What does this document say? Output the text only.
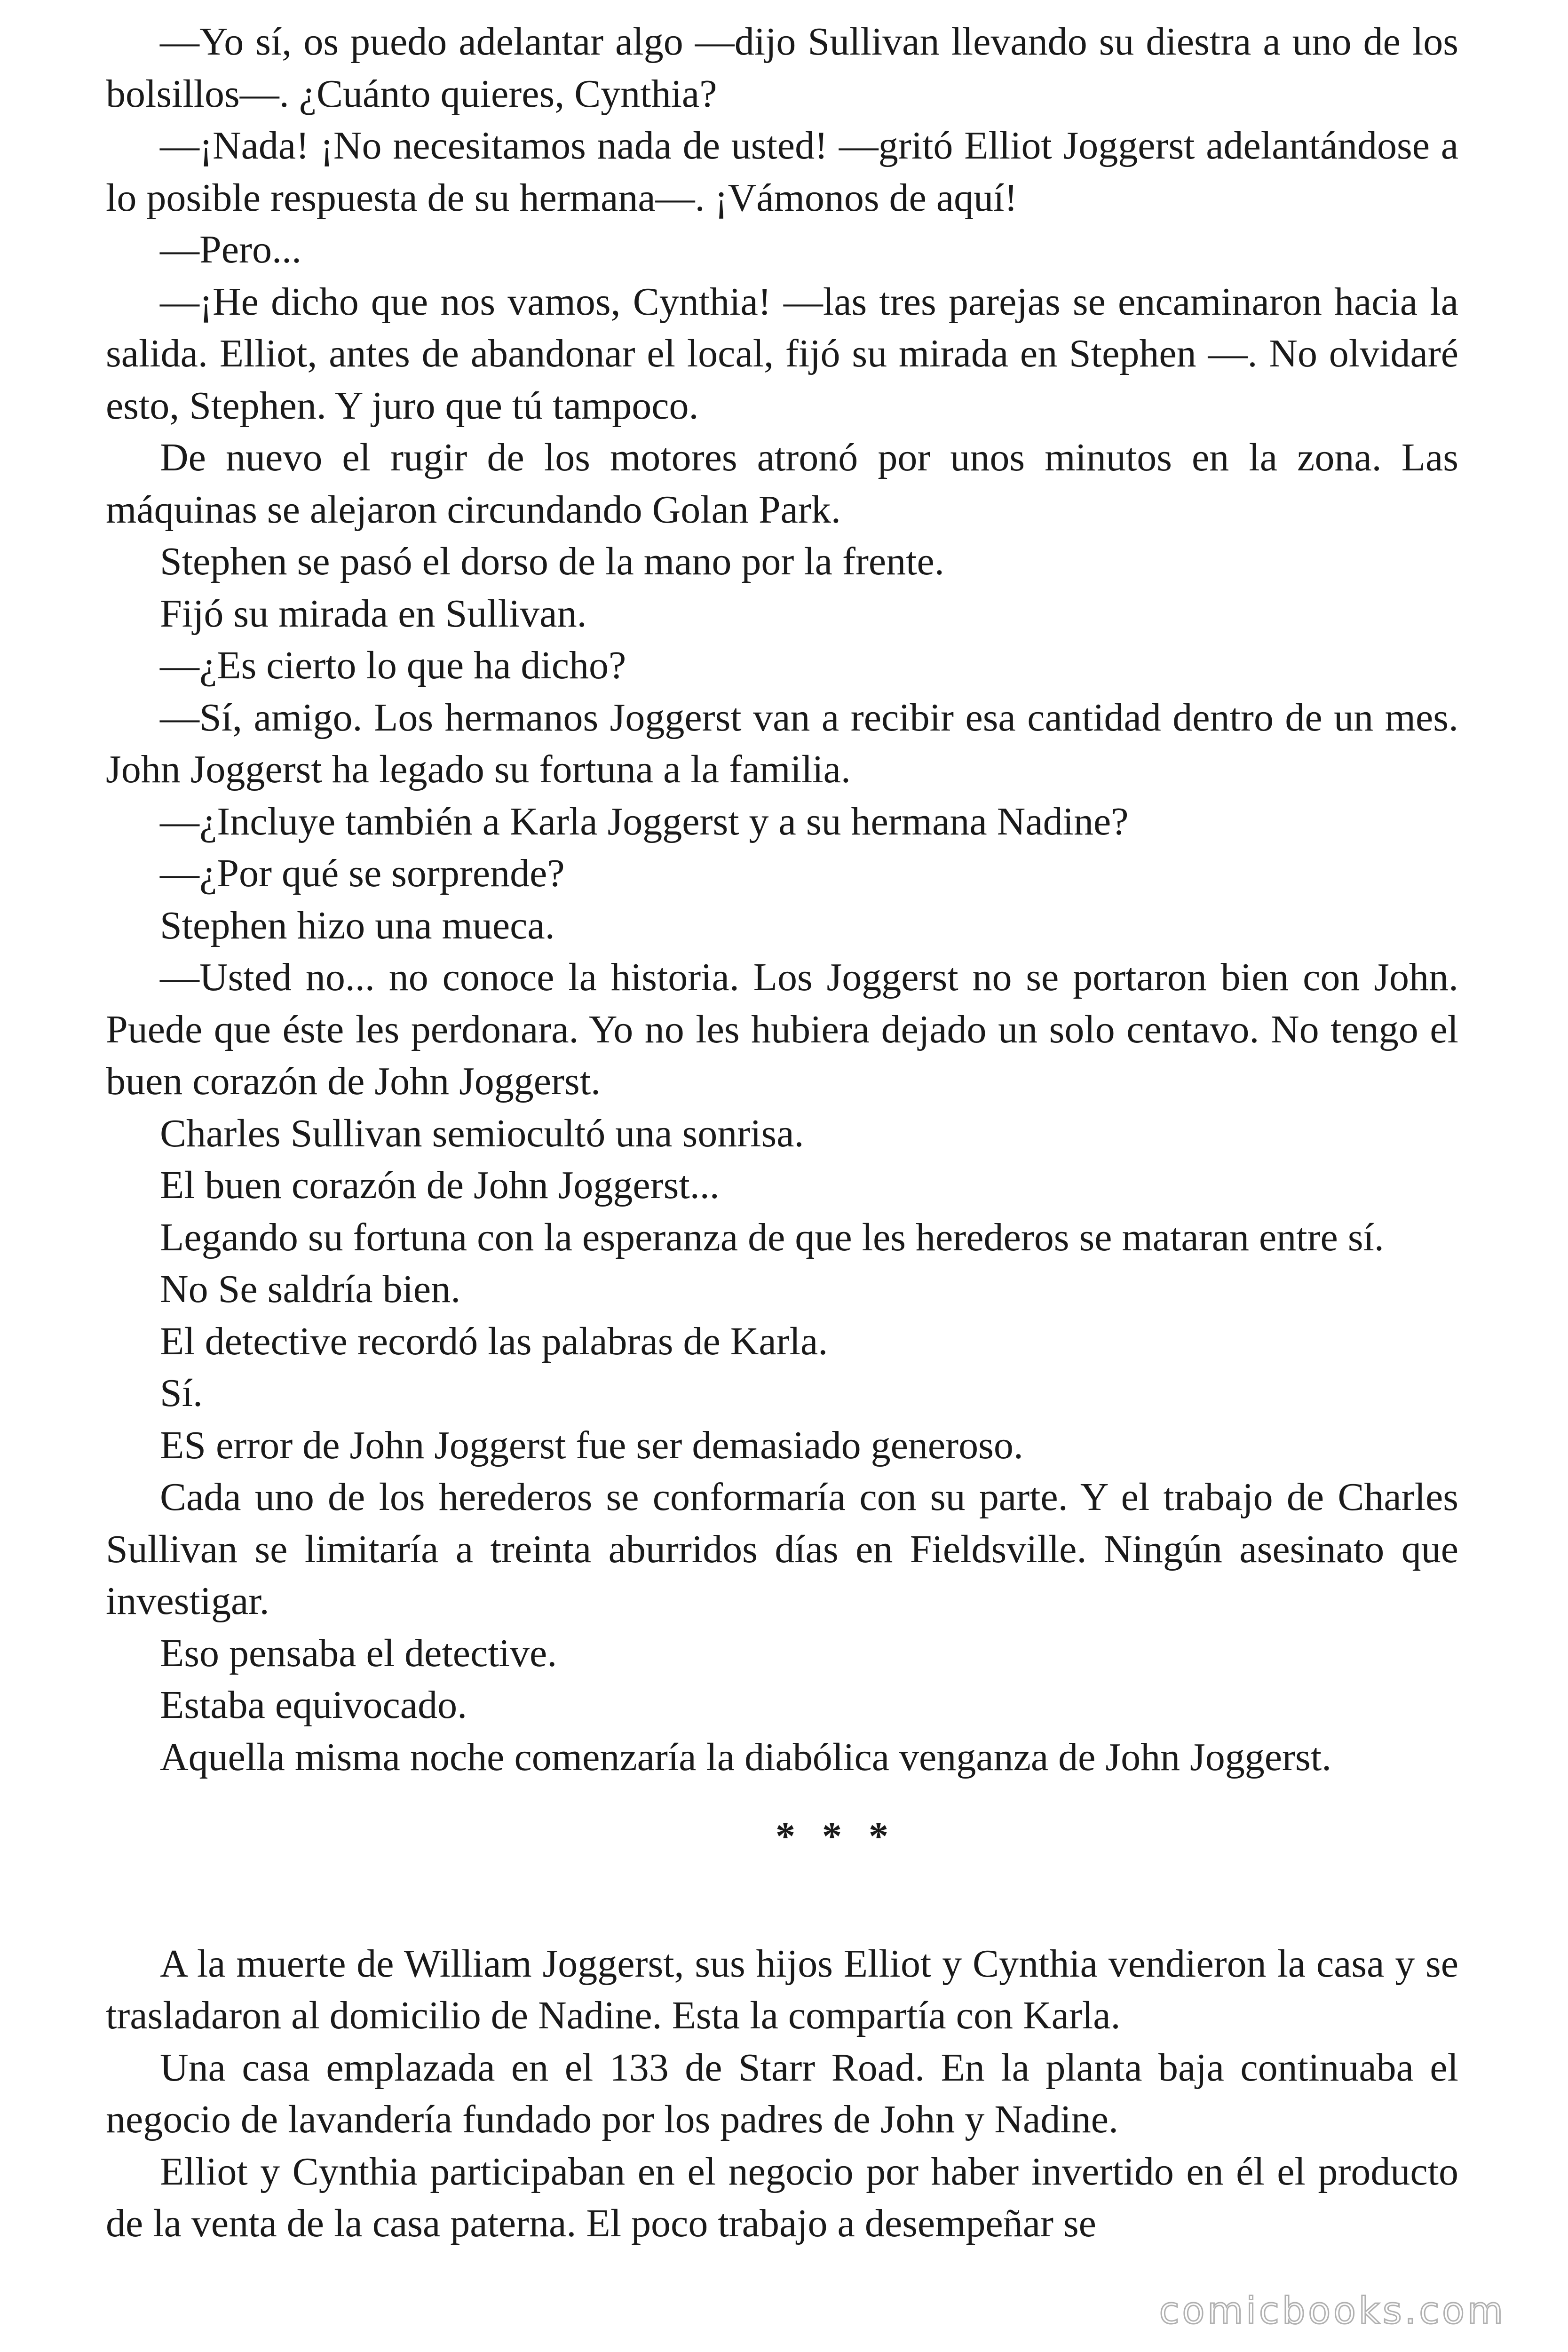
—Yo sí, os puedo adelantar algo —dijo Sullivan llevando su diestra a uno de los bolsillos—. ¿Cuánto quieres, Cynthia?

—¡Nada! ¡No necesitamos nada de usted! —gritó Elliot Joggerst adelantándose a lo posible respuesta de su hermana—. ¡Vámonos de aquí!

—Pero...

—¡He dicho que nos vamos, Cynthia! —las tres parejas se encaminaron hacia la salida. Elliot, antes de abandonar el local, fijó su mirada en Stephen —. No olvidaré esto, Stephen. Y juro que tú tampoco.

De nuevo el rugir de los motores atronó por unos minutos en la zona. Las máquinas se alejaron circundando Golan Park.

Stephen se pasó el dorso de la mano por la frente.

Fijó su mirada en Sullivan.

—¿Es cierto lo que ha dicho?

—Sí, amigo. Los hermanos Joggerst van a recibir esa cantidad dentro de un mes. John Joggerst ha legado su fortuna a la familia.

—¿Incluye también a Karla Joggerst y a su hermana Nadine?

—¿Por qué se sorprende?

Stephen hizo una mueca.

—Usted no... no conoce la historia. Los Joggerst no se portaron bien con John. Puede que éste les perdonara. Yo no les hubiera dejado un solo centavo. No tengo el buen corazón de John Joggerst.

Charles Sullivan semiocultó una sonrisa.

El buen corazón de John Joggerst...

Legando su fortuna con la esperanza de que les herederos se mataran entre sí.

No Se saldría bien.

El detective recordó las palabras de Karla.

Sí.

ES error de John Joggerst fue ser demasiado generoso.

Cada uno de los herederos se conformaría con su parte. Y el trabajo de Charles Sullivan se limitaría a treinta aburridos días en Fieldsville. Ningún asesinato que investigar.

Eso pensaba el detective.

Estaba equivocado.

Aquella misma noche comenzaría la diabólica venganza de John Joggerst.

* * *

A la muerte de William Joggerst, sus hijos Elliot y Cynthia vendieron la casa y se trasladaron al domicilio de Nadine. Esta la compartía con Karla.

Una casa emplazada en el 133 de Starr Road. En la planta baja continuaba el negocio de lavandería fundado por los padres de John y Nadine.

Elliot y Cynthia participaban en el negocio por haber invertido en él el producto de la venta de la casa paterna. El poco trabajo a desempeñar se

comicbooks.com
